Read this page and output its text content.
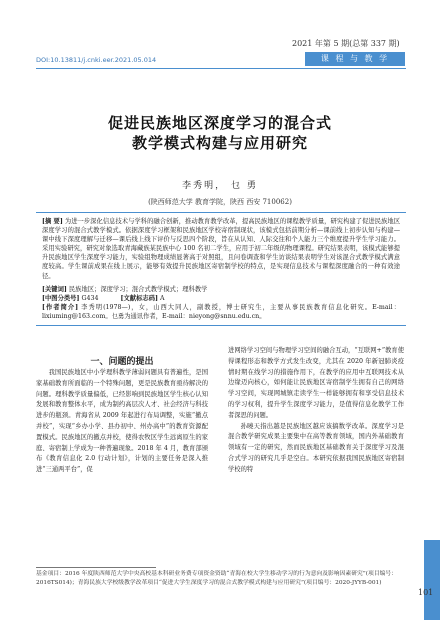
2021 年第 5 期(总第 337 期)
DOI:10.13811/j.cnki.eer.2021.05.014	课 程 与 教 学
促进民族地区深度学习的混合式
教学模式构建与应用研究
李秀明， 乜 勇
(陕西师范大学 教育学院，陕西 西安 710062)
[摘 要] 为进一步深化信息技术与学科的融合创新，推动教育教学改革，提高民族地区的课程教学质量，研究构建了促进民族地区深度学习的混合式教学模式。依据深度学习框架和民族地区学校寄宿制现状，该模式包括前期分析—课前线上初步认知与构建—课中线下深度理解与迁移—课后线上线下评价与反思四个阶段，旨在从认知、人际交往和个人能力三个维度提升学生学习能力。采用实验研究，研究对象选取青海藏族某民族中心 100 名初二学生，应用于初二年级的物理课程。研究结果表明，该模式能够提升民族地区学生深度学习能力，实验组物理成绩显著高于对照组，且问卷调查和学生访谈结果表明学生对该混合式教学模式满意度较高。学生课前成果在线上展示，能够有效提升民族地区寄宿制学校的特点，是实现信息技术与课程深度融合的一种有效途径。
[关键词] 民族地区；深度学习；混合式教学模式；理科教学
[中图分类号] G434	[文献标志码] A
[作者简介] 李秀明(1978—)，女，山西大同人，副教授，博士研究生，主要从事民族教育信息化研究。E-mail：lixiuming@163.com。乜勇为通讯作者，E-mail：nieyong@snnu.edu.cn。
一、问题的提出
我国民族地区中小学理科教学薄弱问题具有普遍性，是国家基础教育所面临的一个特殊问题，更是民族教育亟待解决的问题。理科教学质量偏低，已经影响到民族地区学生核心认知发展和教育整体水平，成为制约高层次人才、社会经济与科技进步的瓶颈。青海省从 2009 年起进行布局调整，实施“撤点并校”，实现“乡办小学、县办初中、州办高中”的教育资源配置模式。民族地区的撤点并校，使得农牧区学生远离原生的家庭、寄宿制上学成为一种普遍现象。2018 年 4 月，教育部颁布《教育信息化 2.0 行动计划》，计划的主要任务是深入推进“三通两平台”，促

进网络学习空间与物理学习空间的融合互动，“互联网+”教育使得课程形态和教学方式发生改变，尤其在 2020 年新冠肺炎疫情时期在线学习的措施作用下，在教学的应用中互联网技术从边缘迈向核心，如何能让民族地区寄宿制学生拥有自己的网络学习空间，实现网城镇走读学生一样能够拥有和享受信息技术的学习权利，提升学生深度学习能力，是值得信息化教学工作者深思的问题。

孙曉天指出越是民族地区越应该搞数学改革。深度学习是混合教学研究成果主要集中在高等教育领域，国内外基础教育领域有一定的研究，然而民族地区基础教育关于深度学习及混合式学习的研究几乎是空白。本研究依据我国民族地区寄宿制学校的特

基金项目：2016 年度陕西师范大学中央高校基本科研业务费专项资金资助“青海在校大学生移动学习的行为意向及影响因素研究”(项目编号：2016TS014)；青海民族大学校级教学改革项目“促进大学生深度学习的混合式教学模式构建与应用研究”(项目编号：2020-JYYB-001)
101
